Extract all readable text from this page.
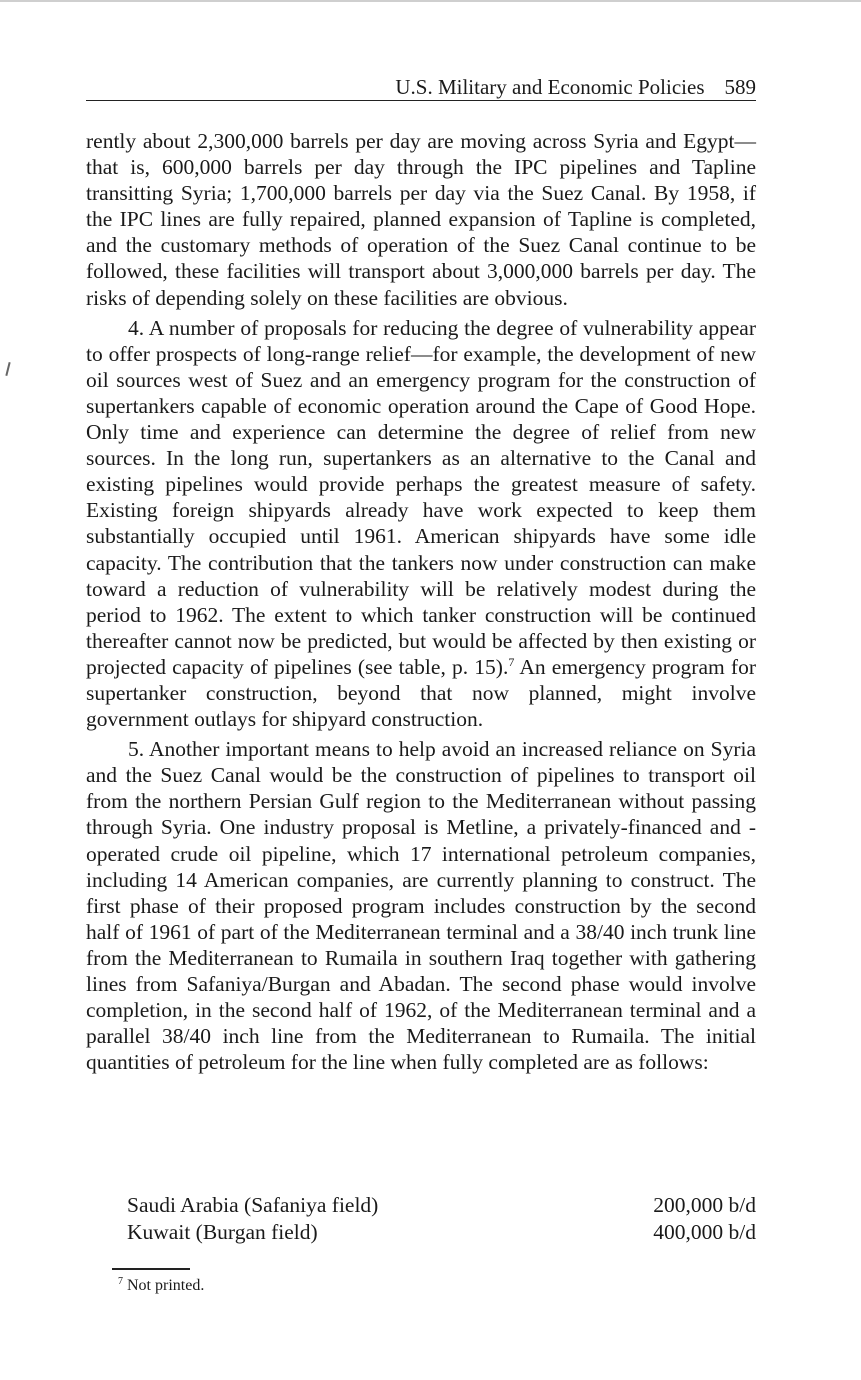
U.S. Military and Economic Policies 589

rently about 2,300,000 barrels per day are moving across Syria and Egypt—that is, 600,000 barrels per day through the IPC pipelines and Tapline transitting Syria; 1,700,000 barrels per day via the Suez Canal. By 1958, if the IPC lines are fully repaired, planned expansion of Tapline is completed, and the customary methods of operation of the Suez Canal continue to be followed, these facilities will transport about 3,000,000 barrels per day. The risks of depending solely on these facilities are obvious.

4. A number of proposals for reducing the degree of vulnerability appear to offer prospects of long-range relief—for example, the development of new oil sources west of Suez and an emergency program for the construction of supertankers capable of economic operation around the Cape of Good Hope. Only time and experience can determine the degree of relief from new sources. In the long run, supertankers as an alternative to the Canal and existing pipelines would provide perhaps the greatest measure of safety. Existing foreign shipyards already have work expected to keep them substantially occupied until 1961. American shipyards have some idle capacity. The contribution that the tankers now under construction can make toward a reduction of vulnerability will be relatively modest during the period to 1962. The extent to which tanker construction will be continued thereafter cannot now be predicted, but would be affected by then existing or projected capacity of pipelines (see table, p. 15).$^7$ An emergency program for supertanker construction, beyond that now planned, might involve government outlays for shipyard construction.

5. Another important means to help avoid an increased reliance on Syria and the Suez Canal would be the construction of pipelines to transport oil from the northern Persian Gulf region to the Mediterranean without passing through Syria. One industry proposal is Metline, a privately-financed and -operated crude oil pipeline, which 17 international petroleum companies, including 14 American companies, are currently planning to construct. The first phase of their proposed program includes construction by the second half of 1961 of part of the Mediterranean terminal and a 38/40 inch trunk line from the Mediterranean to Rumaila in southern Iraq together with gathering lines from Safaniya/Burgan and Abadan. The second phase would involve completion, in the second half of 1962, of the Mediterranean terminal and a parallel 38/40 inch line from the Mediterranean to Rumaila. The initial quantities of petroleum for the line when fully completed are as follows:

Saudi Arabia (Safaniya field)	200,000 b/d
Kuwait (Burgan field)	400,000 b/d
$^7$ Not printed.
